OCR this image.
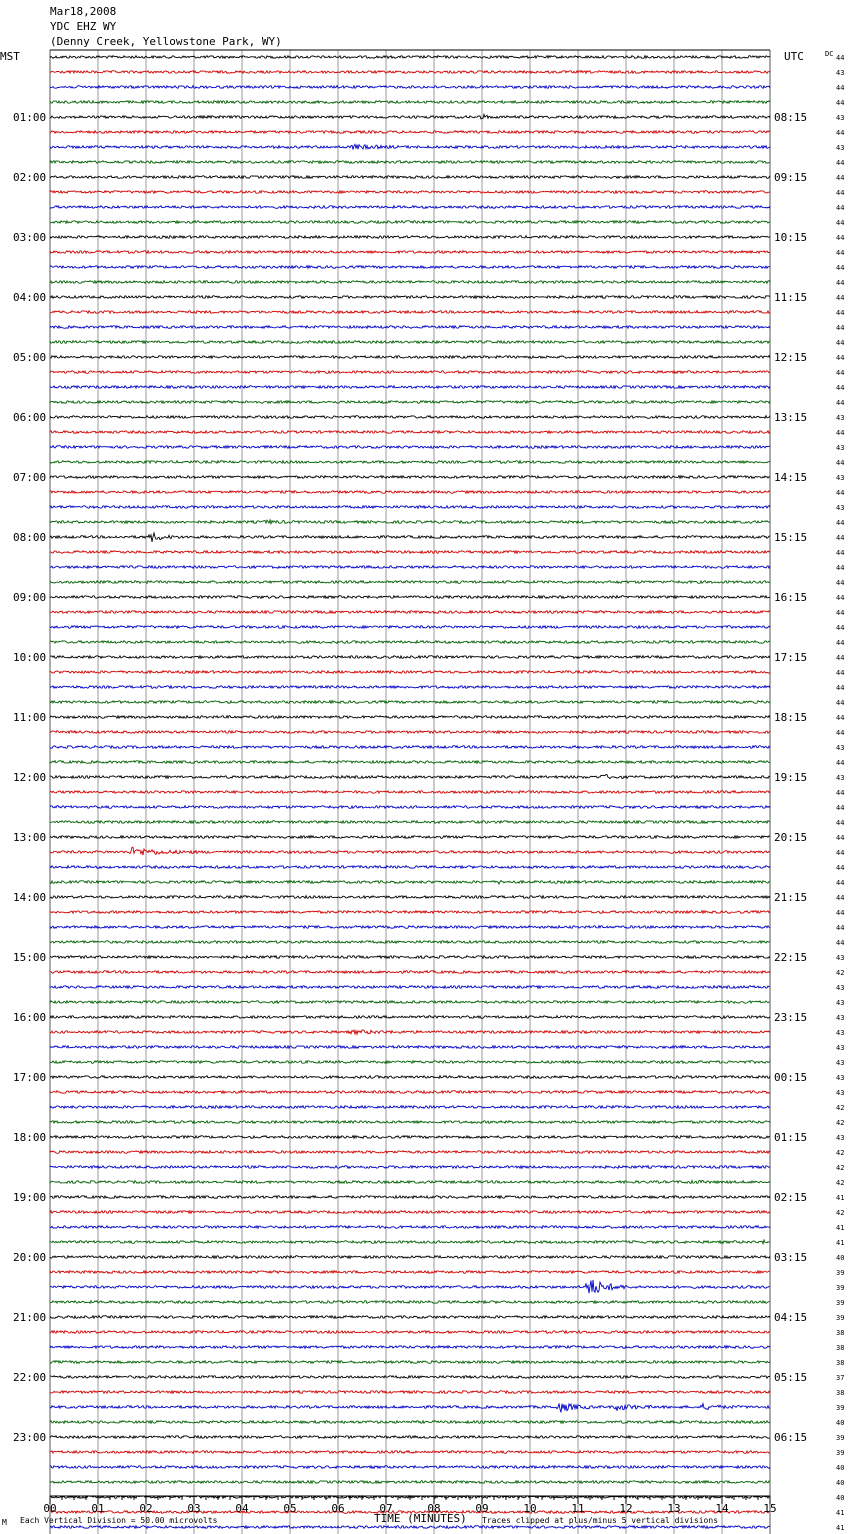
Mar18,2008
YDC EHZ WY
(Denny Creek, Yellowstone Park, WY)
MST	UTC	DC
01:00
02:00
03:00
04:00
05:00
06:00
07:00
08:00
09:00
10:00
11:00
12:00
13:00
14:00
15:00
16:00
17:00
18:00
19:00
20:00
21:00
22:00
23:00
08:15
09:15
10:15
11:15
12:15
13:15
14:15
15:15
16:15
17:15
18:15
19:15
20:15
21:15
22:15
23:15
00:15
01:15
02:15
03:15
04:15
05:15
06:15
44
43
44
44
43
44
43
44
44
44
44
44
44
44
44
44
44
44
44
44
44
44
44
44
43
44
43
44
43
44
43
44
44
44
44
44
44
44
44
44
44
44
44
44
44
44
43
44
43
44
44
44
44
44
44
44
44
44
44
44
43
42
43
43
43
43
43
43
43
43
42
42
43
42
42
42
41
42
41
41
40
39
39
39
39
38
38
38
37
38
39
40
39
39
40
40
40
41
41
00	01	02	03	04	05	06	07	08	09	10	11	12	13	14	15
TIME (MINUTES)
M Each Vertical Division = 50.00 microvolts	Traces clipped at plus/minus 5 vertical divisions
